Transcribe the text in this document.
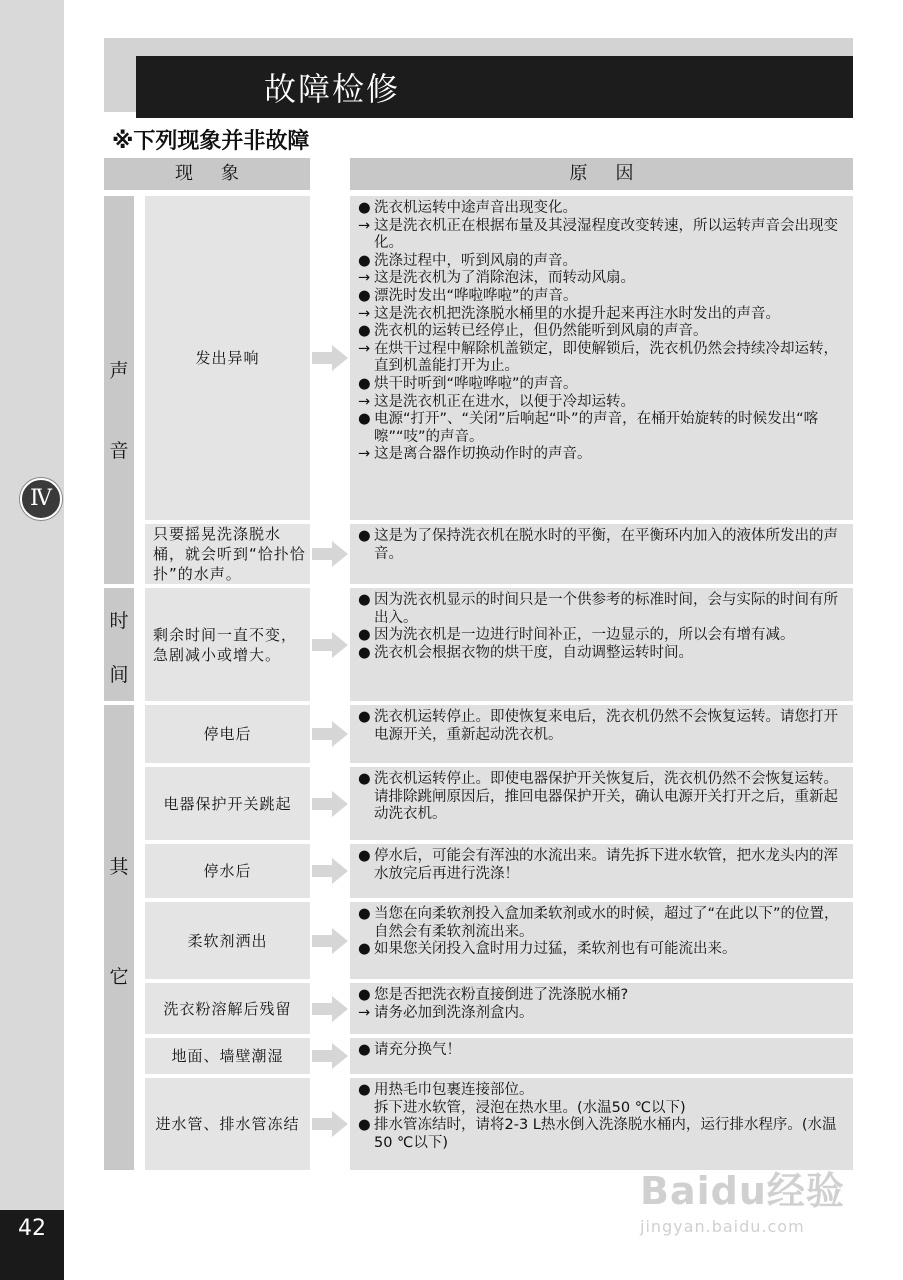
42
Ⅳ
故障检修
※下列现象并非故障
现象	原因
声
音
时
间
其
它
发出异响
● 洗衣机运转中途声音出现变化。
→ 这是洗衣机正在根据布量及其浸湿程度改变转速，所以运转声音会出现变化。
● 洗涤过程中，听到风扇的声音。
→ 这是洗衣机为了消除泡沫，而转动风扇。
● 漂洗时发出“哗啦哗啦”的声音。
→ 这是洗衣机把洗涤脱水桶里的水提升起来再注水时发出的声音。
● 洗衣机的运转已经停止，但仍然能听到风扇的声音。
→ 在烘干过程中解除机盖锁定，即使解锁后，洗衣机仍然会持续冷却运转，直到机盖能打开为止。
● 烘干时听到“哗啦哗啦”的声音。
→ 这是洗衣机正在进水，以便于冷却运转。
● 电源“打开”、“关闭”后响起“卟”的声音，在桶开始旋转的时候发出“喀嚓”“吱”的声音。
→ 这是离合器作切换动作时的声音。
只要摇晃洗涤脱水桶，就会听到“恰扑恰扑”的水声。
● 这是为了保持洗衣机在脱水时的平衡，在平衡环内加入的液体所发出的声音。
剩余时间一直不变，急剧减小或增大。
● 因为洗衣机显示的时间只是一个供参考的标准时间，会与实际的时间有所出入。
● 因为洗衣机是一边进行时间补正，一边显示的，所以会有增有减。
● 洗衣机会根据衣物的烘干度，自动调整运转时间。
停电后
● 洗衣机运转停止。即使恢复来电后，洗衣机仍然不会恢复运转。请您打开电源开关，重新起动洗衣机。
电器保护开关跳起
● 洗衣机运转停止。即使电器保护开关恢复后，洗衣机仍然不会恢复运转。请排除跳闸原因后，推回电器保护开关，确认电源开关打开之后，重新起动洗衣机。
停水后
● 停水后，可能会有浑浊的水流出来。请先拆下进水软管，把水龙头内的浑水放完后再进行洗涤！
柔软剂洒出
● 当您在向柔软剂投入盒加柔软剂或水的时候，超过了“在此以下”的位置，自然会有柔软剂流出来。
● 如果您关闭投入盒时用力过猛，柔软剂也有可能流出来。
洗衣粉溶解后残留
● 您是否把洗衣粉直接倒进了洗涤脱水桶?
→ 请务必加到洗涤剂盒内。
地面、墙壁潮湿	● 请充分换气！
进水管、排水管冻结
● 用热毛巾包裹连接部位。
拆下进水软管，浸泡在热水里。(水温50 ℃以下)
● 排水管冻结时，请将2-3 L热水倒入洗涤脱水桶内，运行排水程序。(水温50 ℃以下)
Baidu经验
jingyan.baidu.com
